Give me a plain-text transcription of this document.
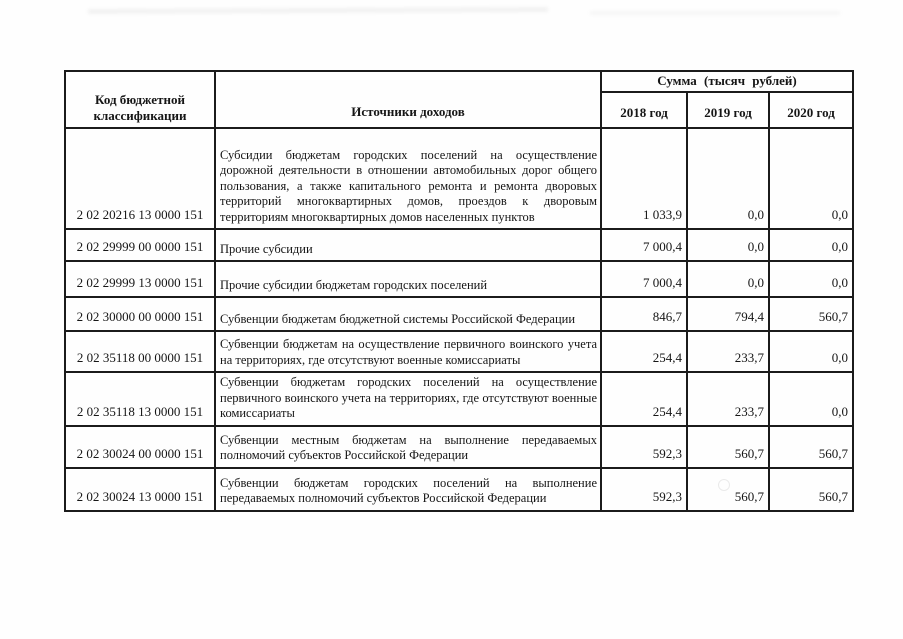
Код бюджетной классификации	Источники доходов	Сумма (тысяч рублей)		
		2018 год	2019 год	2020 год
2 02 20216 13 0000 151	Субсидии бюджетам городских поселений на осуществление дорожной деятельности в отношении автомобильных дорог общего пользования, а также капитального ремонта и ремонта дворовых территорий многоквартирных домов, проездов к дворовым территориям многоквартирных домов населенных пунктов	1 033,9	0,0	0,0
2 02 29999 00 0000 151	Прочие субсидии	7 000,4	0,0	0,0
2 02 29999 13 0000 151	Прочие субсидии бюджетам городских поселений	7 000,4	0,0	0,0
2 02 30000 00 0000 151	Субвенции бюджетам бюджетной системы Российской Федерации	846,7	794,4	560,7
2 02 35118 00 0000 151	Субвенции бюджетам на осуществление первичного воинского учета на территориях, где отсутствуют военные комиссариаты	254,4	233,7	0,0
2 02 35118 13 0000 151	Субвенции бюджетам городских поселений на осуществление первичного воинского учета на территориях, где отсутствуют военные комиссариаты	254,4	233,7	0,0
2 02 30024 00 0000 151	Субвенции местным бюджетам на выполнение передаваемых полномочий субъектов Российской Федерации	592,3	560,7	560,7
2 02 30024 13 0000 151	Субвенции бюджетам городских поселений на выполнение передаваемых полномочий субъектов Российской Федерации	592,3	560,7	560,7
